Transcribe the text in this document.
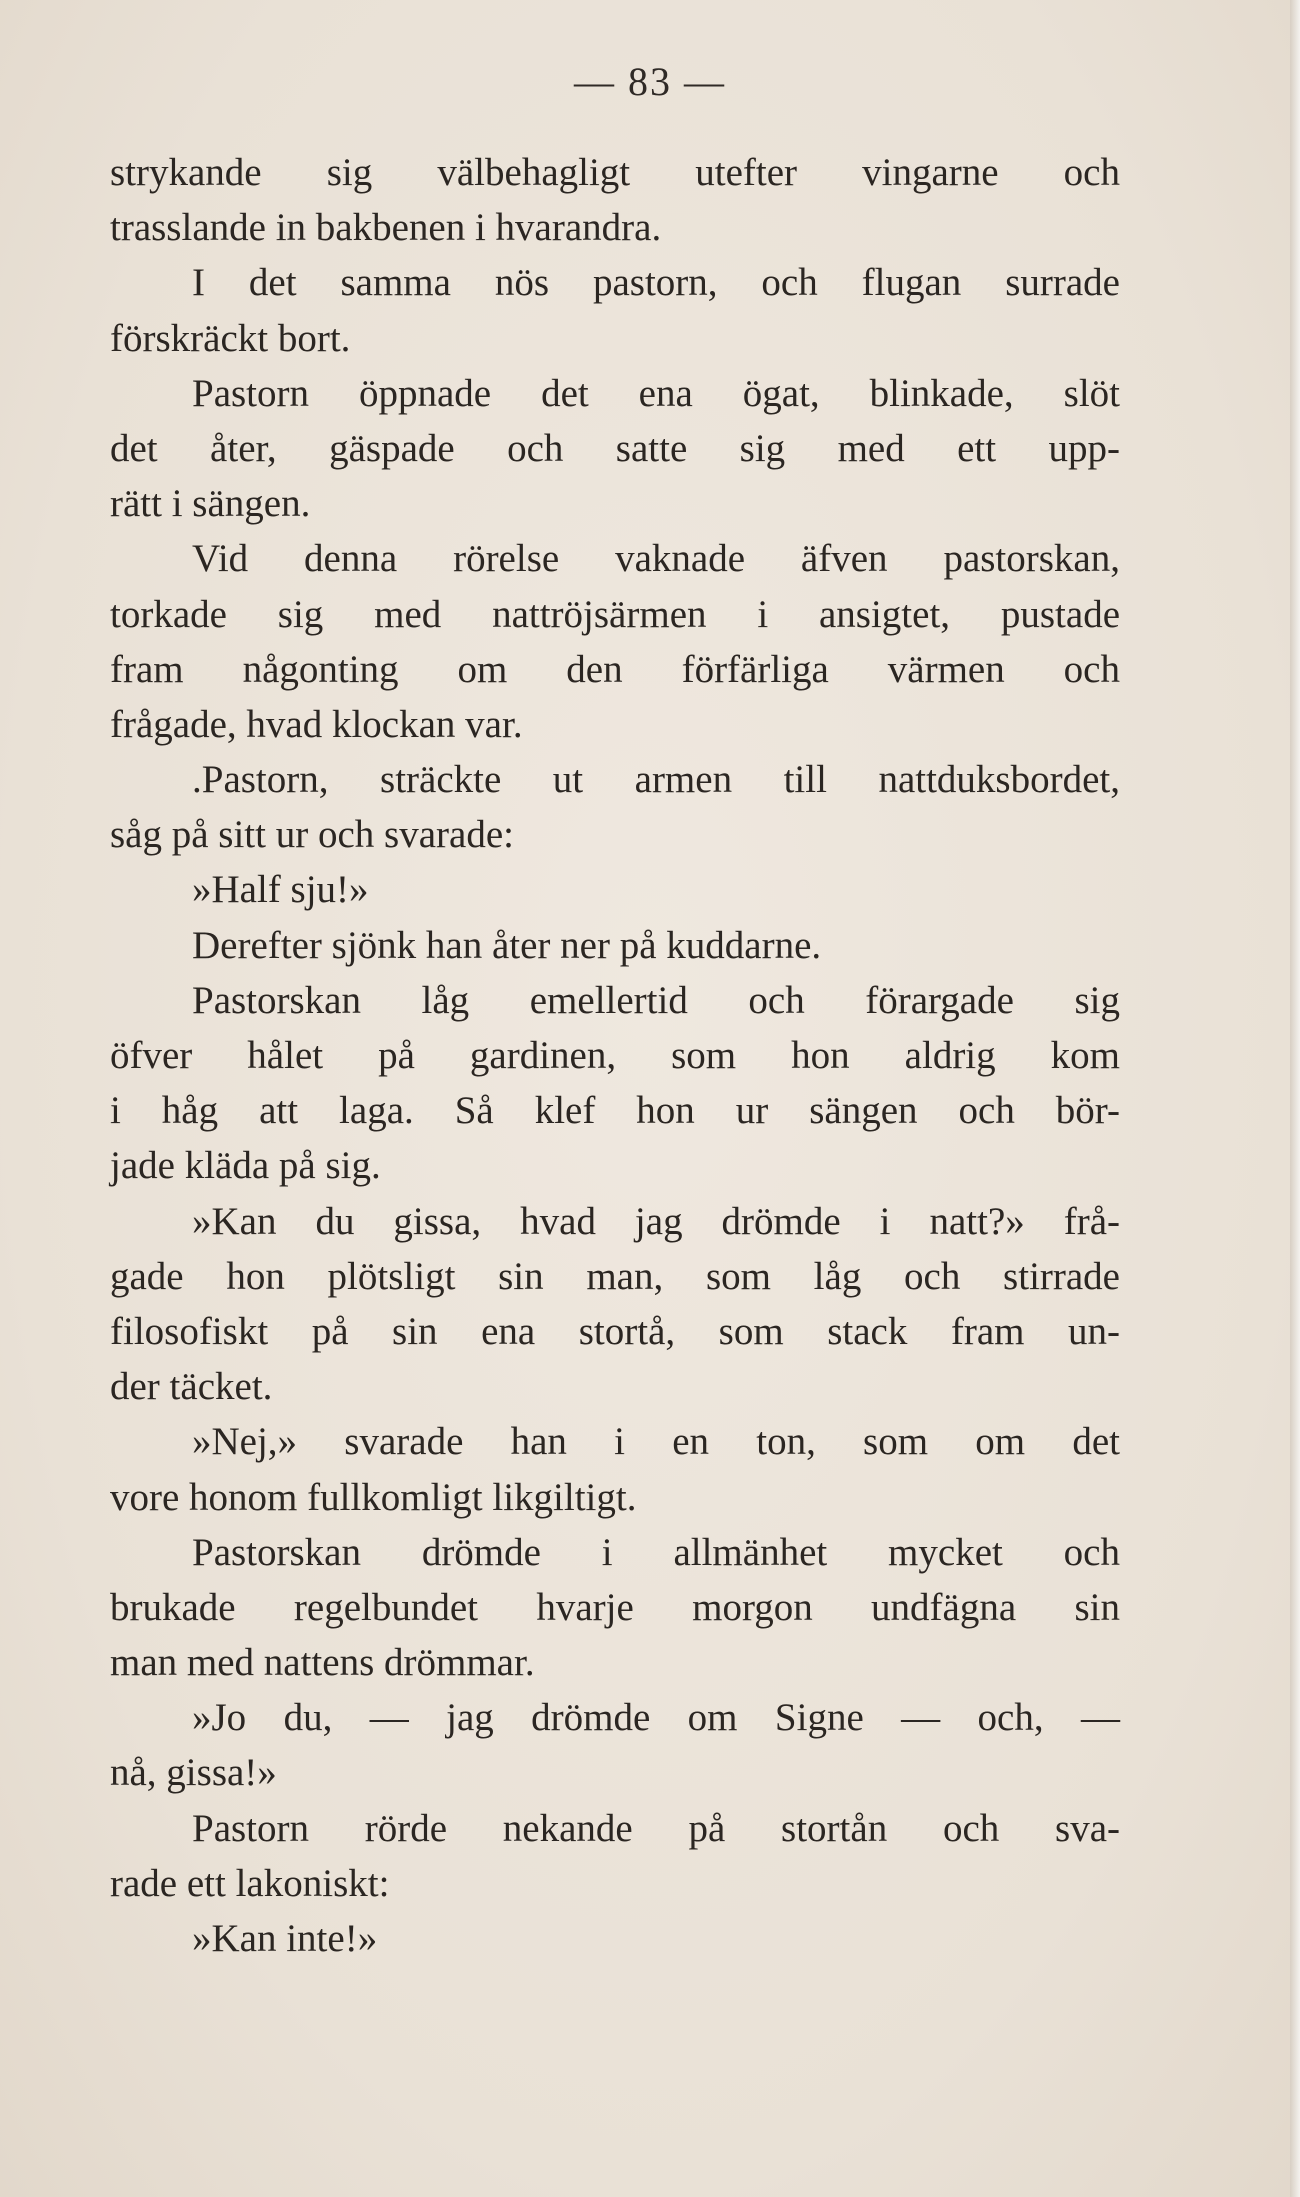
— 83 —
strykande sig välbehagligt utefter vingarne och
trasslande in bakbenen i hvarandra.
I det samma nös pastorn, och flugan surrade
förskräckt bort.
Pastorn öppnade det ena ögat, blinkade, slöt
det åter, gäspade och satte sig med ett upp-
rätt i sängen.
Vid denna rörelse vaknade äfven pastorskan,
torkade sig med nattröjsärmen i ansigtet, pustade
fram någonting om den förfärliga värmen och
frågade, hvad klockan var.
.Pastorn, sträckte ut armen till nattduksbordet,
såg på sitt ur och svarade:
»Half sju!»
Derefter sjönk han åter ner på kuddarne.
Pastorskan låg emellertid och förargade sig
öfver hålet på gardinen, som hon aldrig kom
i håg att laga. Så klef hon ur sängen och bör-
jade kläda på sig.
»Kan du gissa, hvad jag drömde i natt?» frå-
gade hon plötsligt sin man, som låg och stirrade
filosofiskt på sin ena stortå, som stack fram un-
der täcket.
»Nej,» svarade han i en ton, som om det
vore honom fullkomligt likgiltigt.
Pastorskan drömde i allmänhet mycket och
brukade regelbundet hvarje morgon undfägna sin
man med nattens drömmar.
»Jo du, — jag drömde om Signe — och, —
nå, gissa!»
Pastorn rörde nekande på stortån och sva-
rade ett lakoniskt:
»Kan inte!»
